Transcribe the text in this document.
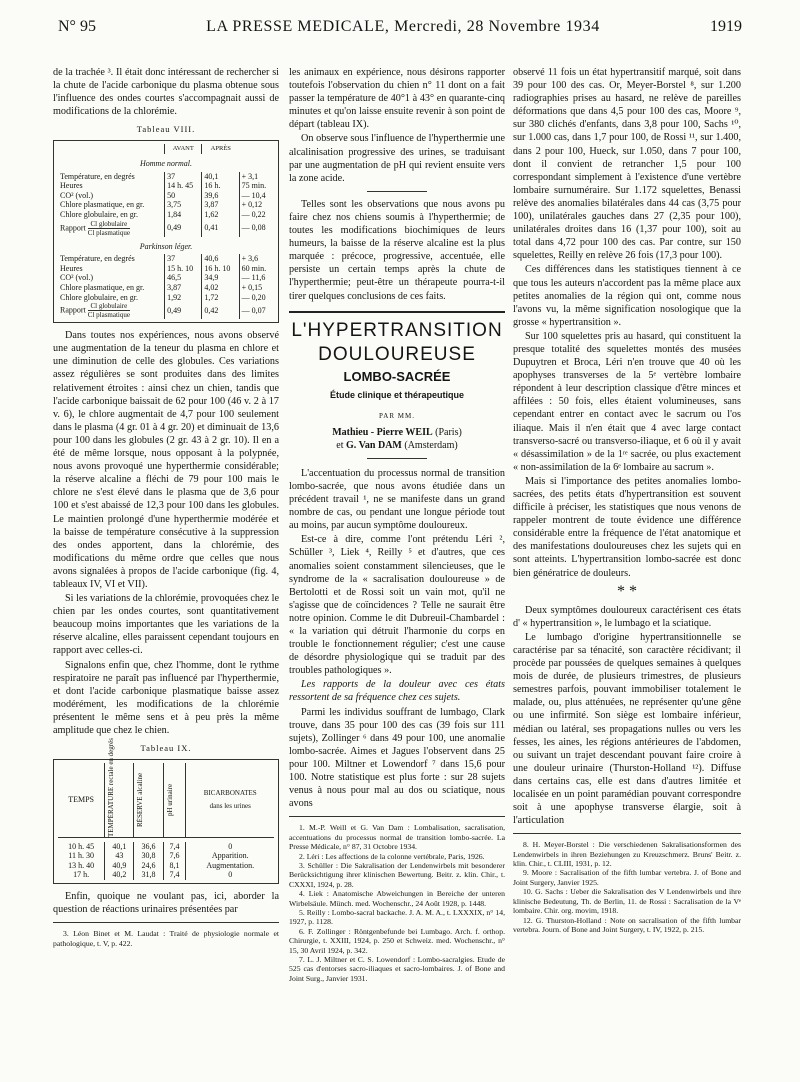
N° 95	LA PRESSE MEDICALE, Mercredi, 28 Novembre 1934	1919

de la trachée ³. Il était donc intéressant de rechercher si la chute de l'acide carbonique du plasma obtenue sous l'influence des ondes courtes s'accompagnait aussi de modifications de la chlorémie.

Tableau VIII.
	AVANT	APRÈS	
Homme normal.			
Température, en degrés	37	40,1	+ 3,1
Heures	14 h. 45	16 h.	75 min.
CO² (vol.)	50	39,6	— 10,4
Chlore plasmatique, en gr.	3,75	3,87	+ 0,12
Chlore globulaire, en gr.	1,84	1,62	— 0,22
Rapport Cl globulaire
Cl plasmatique	0,49	0,41	— 0,08
Parkinson léger.			
Température, en degrés	37	40,6	+ 3,6
Heures	15 h. 10	16 h. 10	60 min.
CO² (vol.)	46,5	34,9	— 11,6
Chlore plasmatique, en gr.	3,87	4,02	+ 0,15
Chlore globulaire, en gr.	1,92	1,72	— 0,20
Rapport Cl globulaire
Cl plasmatique	0,49	0,42	— 0,07

Dans toutes nos expériences, nous avons observé une augmentation de la teneur du plasma en chlore et une diminution de celle des globules. Ces variations assez régulières se sont produites dans des limites relativement étroites : ainsi chez un chien, tandis que l'acide carbonique baissait de 62 pour 100 (46 v. 2 à 17 v. 6), le chlore augmentait de 4,7 pour 100 seulement dans le plasma (4 gr. 01 à 4 gr. 20) et diminuait de 13,6 pour 100 dans les globules (2 gr. 43 à 2 gr. 10). Il en a été de même lorsque, nous opposant à la polypnée, nous avons provoqué une hyperthermie considérable; la réserve alcaline a fléchi de 79 pour 100 mais le chlore ne s'est élevé dans le plasma que de 3,6 pour 100 et s'est abaissé de 12,3 pour 100 dans les globules. Le maintien prolongé d'une hyperthermie modérée et la baisse de température consécutive à la suppression des ondes apportent, dans la chlorémie, des modifications du même ordre que celles que nous avons signalées à propos de l'acide carbonique (fig. 4, tableaux IV, VI et VII).

Si les variations de la chlorémie, provoquées chez le chien par les ondes courtes, sont quantitativement beaucoup moins importantes que les variations de la réserve alcaline, elles paraissent cependant toujours en rapport avec celles-ci.

Signalons enfin que, chez l'homme, dont le rythme respiratoire ne paraît pas influencé par l'hyperthermie, et dont l'acide carbonique plasmatique baisse assez modérément, les modifications de la chlorémie présentent le même sens et à peu près la même amplitude que chez le chien.

Tableau IX.
TEMPS	TEMPÉRATURE rectale en degrés	RÉSERVE alcaline	pH urinaire	BICARBONATES
dans les urines

10 h. 45	40,1	36,6	7,4	0
11 h. 30	43	30,8	7,6	Apparition.
13 h. 40	40,9	24,6	8,1	Augmentation.
17 h.	40,2	31,8	7,4	0

Enfin, quoique ne voulant pas, ici, aborder la question de réactions urinaires présentées par

3. Léon Binet et M. Laudat : Traité de physiologie normale et pathologique, t. V, p. 422.

les animaux en expérience, nous désirons rapporter toutefois l'observation du chien n° 11 dont on a fait passer la température de 40°1 à 43° en quarante-cinq minutes et qu'on laisse ensuite revenir à son point de départ (tableau IX).

On observe sous l'influence de l'hyperthermie une alcalinisation progressive des urines, se traduisant par une augmentation de pH qui revient ensuite vers la zone acide.

Telles sont les observations que nous avons pu faire chez nos chiens soumis à l'hyperthermie; de toutes les modifications biochimiques de leurs humeurs, la baisse de la réserve alcaline est la plus marquée : précoce, progressive, accentuée, elle persiste un certain temps après la chute de l'hyperthermie; peut-être un thérapeute pourra-t-il tirer quelques conclusions de ces faits.

L'HYPERTRANSITION
DOULOUREUSE
LOMBO-SACRÉE
Étude clinique et thérapeutique
PAR MM.
Mathieu - Pierre WEIL (Paris)
et G. Van DAM (Amsterdam)

L'accentuation du processus normal de transition lombo-sacrée, que nous avons étudiée dans un précédent travail ¹, ne se manifeste dans un grand nombre de cas, ou pendant une longue période tout au moins, par aucun symptôme douloureux.

Est-ce à dire, comme l'ont prétendu Léri ², Schüller ³, Liek ⁴, Reilly ⁵ et d'autres, que ces anomalies soient constamment silencieuses, que le syndrome de la « sacralisation douloureuse » de Bertolotti et de Rossi soit un vain mot, qu'il ne s'agisse que de coïncidences ? Telle ne saurait être notre opinion. Comme le dit Dubreuil-Chambardel : « la variation qui détruit l'harmonie du corps en trouble le fonctionnement régulier; c'est une cause de désordre physiologique qui se traduit par des troubles pathologiques ».

Les rapports de la douleur avec ces états ressortent de sa fréquence chez ces sujets.

Parmi les individus souffrant de lumbago, Clark trouve, dans 35 pour 100 des cas (39 fois sur 111 sujets), Zollinger ⁶ dans 49 pour 100, une anomalie lombo-sacrée. Aimes et Jagues l'observent dans 25 pour 100. Miltner et Lowendorf ⁷ dans 15,6 pour 100. Notre statistique est plus forte : sur 28 sujets venus à nous pour mal au dos ou sciatique, nous avons

1. M.-P. Weill et G. Van Dam : Lombalisation, sacralisation, accentuations du processus normal de transition lombo-sacrée. La Presse Médicale, n° 87, 31 Octobre 1934.

2. Léri : Les affections de la colonne vertébrale, Paris, 1926.

3. Schüller : Die Sakralisation der Lendenwirbels mit besonderer Berücksichtigung ihrer klinischen Bewertung. Beitr. z. klin. Chir., t. CXXXI, 1924, p. 28.

4. Liek : Anatomische Abweichungen in Bereiche der unteren Wirbelsäule. Münch. med. Wochenschr., 24 Août 1928, p. 1448.

5. Reilly : Lombo-sacral backache. J. A. M. A., t. LXXXIX, n° 14, 1927, p. 1128.

6. F. Zollinger : Röntgenbefunde bei Lumbago. Arch. f. orthop. Chirurgie, t. XXIII, 1924, p. 250 et Schweiz. med. Wochenschr., n° 15, 30 Avril 1924, p. 342.

7. L. J. Miltner et C. S. Lowendorf : Lombo-sacralgies. Etude de 525 cas d'entorses sacro-iliaques et sacro-lombaires. J. of Bone and Joint Surg., Janvier 1931.

observé 11 fois un état hypertransitif marqué, soit dans 39 pour 100 des cas. Or, Meyer-Borstel ⁸, sur 1.200 radiographies prises au hasard, ne relève de pareilles déformations que dans 4,5 pour 100 des cas, Moore ⁹, sur 380 clichés d'enfants, dans 3,8 pour 100, Sachs ¹⁰, sur 1.000 cas, dans 1,7 pour 100, de Rossi ¹¹, sur 1.400, dans 2 pour 100, Hueck, sur 1.050, dans 7 pour 100, dont il convient de retrancher 1,5 pour 100 correspondant simplement à l'existence d'une vertèbre lombaire surnuméraire. Sur 1.172 squelettes, Benassi relève des anomalies bilatérales dans 44 cas (3,75 pour 100), unilatérales gauches dans 27 (2,35 pour 100), unilatérales droites dans 16 (1,37 pour 100), soit au total dans 4,72 pour 100 des cas. Par contre, sur 150 squelettes, Reilly en relève 26 fois (17,3 pour 100).

Ces différences dans les statistiques tiennent à ce que tous les auteurs n'accordent pas la même place aux petites anomalies de la région qui ont, comme nous l'avons vu, la même signification nosologique que la grosse « hypertransition ».

Sur 100 squelettes pris au hasard, qui constituent la presque totalité des squelettes montés des musées Dupuytren et Broca, Léri n'en trouve que 40 où les apophyses transverses de la 5ᵉ vertèbre lombaire répondent à leur description classique d'être minces et affilées : 50 fois, elles étaient volumineuses, sans cependant entrer en contact avec le sacrum ou l'os iliaque. Mais il n'en était que 4 avec large contact transverso-sacré ou transverso-iliaque, et 6 où il y avait « désassimilation » de la 1ʳᵉ sacrée, ou plus exactement « non-assimilation de la 6ᵉ lombaire au sacrum ».

Mais si l'importance des petites anomalies lombo-sacrées, des petits états d'hypertransition est souvent difficile à préciser, les statistiques que nous venons de rappeler montrent de toute évidence une différence considérable entre la fréquence de l'état anatomique et des manifestations douloureuses chez les sujets qui en sont atteints. L'hypertransition lombo-sacrée est donc bien génératrice de douleurs.

* *

Deux symptômes douloureux caractérisent ces états d' « hypertransition », le lumbago et la sciatique.

Le lumbago d'origine hypertransitionnelle se caractérise par sa ténacité, son caractère récidivant; il procède par poussées de quelques semaines à quelques mois de durée, de plusieurs trimestres, de plusieurs semestres parfois, pouvant immobiliser totalement le malade, ou, plus atténuées, ne représenter qu'une gêne ou une infirmité. Son siège est lombaire inférieur, médian ou latéral, ses propagations nulles ou vers les fesses, les aines, les régions antérieures de l'abdomen, ou suivant un trajet descendant pouvant faire croire à une douleur urinaire (Thurston-Holland ¹²). Diffuse dans certains cas, elle est dans d'autres limitée et localisée en un point paramédian pouvant correspondre soit à une apophyse transverse élargie, soit à l'articulation

8. H. Meyer-Borstel : Die verschiedenen Sakralisationsformen des Lendenwirbels in ihren Beziehungen zu Kreuzschmerz. Bruns' Beitr. z. klin. Chir., t. CLIII, 1931, p. 12.

9. Moore : Sacralisation of the fifth lumbar vertebra. J. of Bone and Joint Surgery, Janvier 1925.

10. G. Sachs : Ueber die Sakralisation des V Lendenwirbels und ihre klinische Bedeutung, Th. de Berlin, 11. de Rossi : Sacralisation de la Vᵉ lombaire. Chir. org. movim, 1918.

12. G. Thurston-Holland : Note on sacralisation of the fifth lumbar vertebra. Journ. of Bone and Joint Surgery, t. IV, 1922, p. 215.
